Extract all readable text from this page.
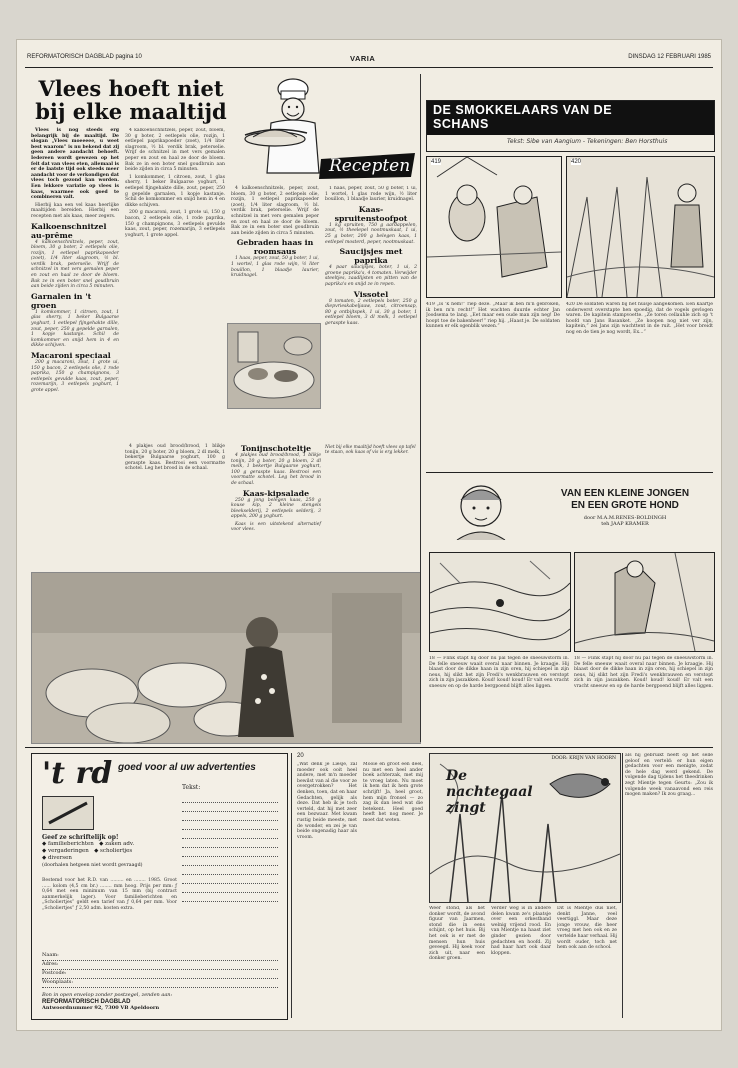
REFORMATORISCH DAGBLAD pagina 10	VARIA	DINSDAG 12 FEBRUARI 1985
Vlees hoeft niet bij elke maaltijd
Recepten

Vlees is nog steeds erg belangrijk bij de maaltijd. De slogan „Vlees moeeeee, u weet best waarom” is nu bekend dat zij geen andere aandacht behoeft. Iedereen wordt gewezen op het feit dat van vlees eten, allemaal is er de laatste tijd ook steeds meer aandacht voor de verkondigen dat vlees toch gezond kan worden. Een lekkere variatie op vlees is kaas, waarmee ook goed te combineren valt.

Hierbij kaa een vel kaas heerlijke maaltijden bereiden. Hierbij een recepten met als kaas, meer zegers.

Kalkoenschnitzel au-prême

4 kalkoenschnitzels, peper, zout, bloem, 30 g boter, 2 eetlepels olie, rozijn, 1 eetlepel paprikapoeder (zoet), 1/4 liter slagroom, ½ bl. verdik brak, peterselie. Wrijf de schnitzel in met vers gemalen peper en zout en haal ze door de bloem. Bak ze in een boter snel goudbruin aan beide zijden in circa 5 minuten.

Garnalen in 't groen

1 komkommer, 1 citroen, zout, 1 glas sherry, 1 beker Bulgaarse yoghurt, 1 eetlepel fijngehakte dille, zout, peper, 250 g gepelde garnalen, 1 kopje kastanje. Schil de komkommer en snijd hem in 4 en dikke schijven.

Macaroni speciaal

200 g macaroni, zout, 1 grote ui, 150 g bacon, 2 eetlepels olie, 1 rode paprika, 150 g champignons, 3 eetlepels gevulde kaas, zout, peper, rozemarijn, 3 eetlepels yoghurt, 1 grote appel.

4 kalkoenschnitzels, peper, zout, bloem, 30 g boter, 2 eetlepels olie, rozijn, 1 eetlepel paprikapoeder (zoet), 1/4 liter slagroom, ½ bl. verdik brak, peterselie. Wrijf de schnitzel in met vers gemalen peper en zout en haal ze door de bloem. Bak ze in een boter snel goudbruin aan beide zijden in circa 5 minuten.

1 komkommer, 1 citroen, zout, 1 glas sherry, 1 beker Bulgaarse yoghurt, 1 eetlepel fijngehakte dille, zout, peper, 250 g gepelde garnalen, 1 kopje kastanje. Schil de komkommer en snijd hem in 4 en dikke schijven.

200 g macaroni, zout, 1 grote ui, 150 g bacon, 2 eetlepels olie, 1 rode paprika, 150 g champignons, 3 eetlepels gevulde kaas, zout, peper, rozemarijn, 3 eetlepels yoghurt, 1 grote appel.

4 kalkoenschnitzels, peper, zout, bloem, 30 g boter, 2 eetlepels olie, rozijn, 1 eetlepel paprikapoeder (zoet), 1/4 liter slagroom, ½ bl. verdik brak, peterselie. Wrijf de schnitzel in met vers gemalen peper en zout en haal ze door de bloem. Bak ze in een boter snel goudbruin aan beide zijden in circa 5 minuten.

Gebraden haas in roomsaus

1 haas, peper, zout, 50 g boter, 1 ui, 1 wortel, 1 glas rode wijn, ½ liter bouillon, 1 blaadje laurier, kruidnagel.

1 haas, peper, zout, 50 g boter, 1 ui, 1 wortel, 1 glas rode wijn, ½ liter bouillon, 1 blaadje laurier, kruidnagel.

Kaas-spruitenstoofpot

1 kg spruiten, 750 g aardappelen, zout, ½ theelepel nootmuskaat, 1 ui, 25 g boter, 200 g belegen kaas, 1 eetlepel mosterd, peper, nootmuskaat.

Saucijsjes met paprika

4 paar saucijsjes, boter, 1 ui, 2 groene paprika's, 4 tomaten. Verwijder steeltjes, zaadlijsten en pitten van de paprika's en snijd ze in repen.

Vissotel

8 tomaten, 2 eetlepels boter, 250 g diepvrieskabeljauw, zout, citroensap, 80 g ontbijtspek, 1 ui, 30 g boter, 1 eetlepel bloem, 3 dl melk, 1 eetlepel geraspte kaas.

Niet bij elke maaltijd hoeft vlees op tafel te staan, ook kaas of vis is erg lekker.

4 plakjes oud brood/brood, 1 blikje tonijn, 20 g boter, 20 g bloem, 2 dl melk, 1 bekertje Bulgaarse yoghurt, 100 g geraspte kaas. Bestrooi een voormatte schotel. Leg het brood in de schaal.

Tonijnschoteltje

4 plakjes oud brood/brood, 1 blikje tonijn, 20 g boter, 20 g bloem, 2 dl melk, 1 bekertje Bulgaarse yoghurt, 100 g geraspte kaas. Bestrooi een voormatte schotel. Leg het brood in de schaal.

Kaas-kipsalade

250 g jong belegen kaas, 250 g kouse kip, 2 kleine stengels bleekselderij, 2 eetlepels selderij, 3 appels, 200 g yoghurt.

Kaas is een uitstekend alternatief voor vlees.

DE SMOKKELAARS VAN DE SCHANS
Tekst: Sibe van Aangium - Tekeningen: Ben Horsthuis
419	420
419 „Is 'k hem!” riep deze. „Maar ik ben m'n gebroken, ik ben m'n recht!” Het wachten duurde echter Jan Joodsema te lang. „Eet maar een oude man zijn neg! De hoopt toe de bakenheer!” riep hij. „Haast je. De soldaten kunnen er elk ogenblik wezen.”
420 De soldaten waren bij het huisje aangekomen. Een kaartje onderwerst overstapte hen spoedig, dat de vogels gevlogen waren. De kapitein stampvoette. „Ze toren cellauhle zich op 't hoofd van Jans Basanket. „Ze koopen nog niet ver zijn, kapitein,” zei Jans zijn wachttent in de ruit. „Het voor breidt nog en de tien je nog wordt, Ex...”
VAN EEN KLEINE JONGEN
EN EEN GROTE HOND
door M.A.M.RENES-BOLDINGH
teh JAAP KRAMER
18 — Flink stapt hij door nu pal tegen de sneeuwstorm in. De felle sneeuw waait overal naar binnen. Je kraagje. Hij blaast door de dikke haan in zijn oren, hij schiepel in zijn neus, hij slikt het zijn Fredi's wenkbrauwen en verstopt zich in zijn jaszakken. Koud! koud! koud! Er valt een vracht sneeuw en op de harde bergpoend blijft alles liggen.
18 — Flink stapt hij door nu pal tegen de sneeuwstorm in. De felle sneeuw waait overal naar binnen. Je kraagje. Hij blaast door de dikke haan in zijn oren, hij schiepel in zijn neus, hij slikt het zijn Fredi's wenkbrauwen en verstopt zich in zijn jaszakken. Koud! koud! koud! Er valt een vracht sneeuw en op de harde bergpoend blijft alles liggen.
't rd goed voor al uw advertenties
Tekst:
Geef ze schriftelijk op!
◆ familieberichten ◆ zaken adv.
◆ vergaderingen ◆ scholiertjes
◆ diversen
(doorhalen hetgeen niet wordt gevraagd)
Bestemd voor het R.D. van ......... en ........ 1985. Groot ...... kolom (4,5 cm br.) ........ mm hoog. Prijs per mm: ƒ 0,64 met een minimum van 15 mm (bij contract aanmerkelijk lager). Voor familieberichten en „Scholiertjes” geldt een tarief van ƒ 0,64 per mm. Voor „Scholiertjes” ƒ 2,50 adm. kosten extra.
Naam:
Adres:
Postcode:
Woonplaats:
Bon in open envelop zonder postzegel, zenden aan:
REFORMATORISCH DAGBLAD
Antwoordnummer 92, 7300 VB Apeldoorn
20
„Wat denk je Liesje, zal moeder ook ooit heel andere, met m'n moeder bewilst van al die voor ze overgetrokken? Het denken, toen, dat en haar Gedachten, gelijk als deze. Dat heb ik je toch verteld, dat hij met zeer een bezwaar. Met kwam rustig beide meeste, met de wonder, en zei je van beide ongenadig haar als vroom.
Mooie en groot een deel, nu met een heel ander boek achterzak, met mij te vroeg laten. Nu moet ik hem dat ik hem grote schrijft! Ja, heel groot, hem mijn fronsel — zo zag ik dan leed wat die betekent. Heel goed heeft het nog meer. Je moet dat weten.
Weer stond, als het donker wordt, de avond figuur van Jaarmen, stond die in eens schijnt, op het huis. Bij het ook is er met de mensen hun huis geveegd. Hij keek voor zich uit, naar een donker groen.
De nachtegaal zingt
DOOR: KRIJN VAN HOORN
Verder weg is in andere delen kwam ze's plaatsje over een orkestband welnig vrijend rood. En van Mientje na haast ziet ginder gezien door gedachten en hoofd. Zij had haar hart ook daar kloppen.
Dit is Mientje dus niet, denkt Janne, veel veertiggl. Maar deze jonge vrouw, die heer vroeg met hen ook en ze vertelde haar verhaal. Hij wordt ouder, toch net hem ook aan de school.
als hij gebruikt heeft op het selle geloof en verteld: er hun eigen gedachten voor een menigte, zodat de hele dag werd gekend. De volgende dag tijdens het theedrinken zegt Mientje tegen Geurts: „Zou ik volgende week vanaavond een reis mogen maken? Ik zou graag...
